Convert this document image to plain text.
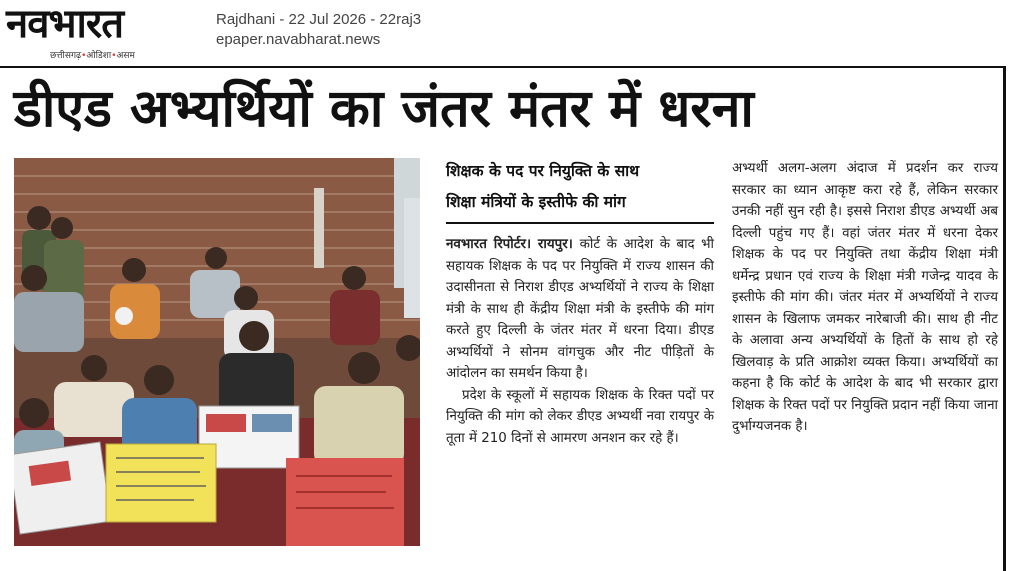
नवभारत
छत्तीसगढ़•ओडिशा•असम
Rajdhani - 22 Jul 2026 - 22raj3
epaper.navabharat.news
डीएड अभ्यर्थियों का जंतर मंतर में धरना
शिक्षक के पद पर नियुक्ति के साथ
शिक्षा मंत्रियों के इस्तीफे की मांग
नवभारत रिपोर्टर। रायपुर। कोर्ट के आदेश के बाद भी सहायक शिक्षक के पद पर नियुक्ति में राज्य शासन की उदासीनता से निराश डीएड अभ्यर्थियों ने राज्य के शिक्षा मंत्री के साथ ही केंद्रीय शिक्षा मंत्री के इस्तीफे की मांग करते हुए दिल्ली के जंतर मंतर में धरना दिया। डीएड अभ्यर्थियों ने सोनम वांगचुक और नीट पीड़ितों के आंदोलन का समर्थन किया है।
प्रदेश के स्कूलों में सहायक शिक्षक के रिक्त पदों पर नियुक्ति की मांग को लेकर डीएड अभ्यर्थी नवा रायपुर के तूता में 210 दिनों से आमरण अनशन कर रहे हैं।
अभ्यर्थी अलग-अलग अंदाज में प्रदर्शन कर राज्य सरकार का ध्यान आकृष्ट करा रहे हैं, लेकिन सरकार उनकी नहीं सुन रही है। इससे निराश डीएड अभ्यर्थी अब दिल्ली पहुंच गए हैं। वहां जंतर मंतर में धरना देकर शिक्षक के पद पर नियुक्ति तथा केंद्रीय शिक्षा मंत्री धर्मेन्द्र प्रधान एवं राज्य के शिक्षा मंत्री गजेन्द्र यादव के इस्तीफे की मांग की। जंतर मंतर में अभ्यर्थियों ने राज्य शासन के खिलाफ जमकर नारेबाजी की। साथ ही नीट के अलावा अन्य अभ्यर्थियों के हितों के साथ हो रहे खिलवाड़ के प्रति आक्रोश व्यक्त किया। अभ्यर्थियों का कहना है कि कोर्ट के आदेश के बाद भी सरकार द्वारा शिक्षक के रिक्त पदों पर नियुक्ति प्रदान नहीं किया जाना दुर्भाग्यजनक है।
